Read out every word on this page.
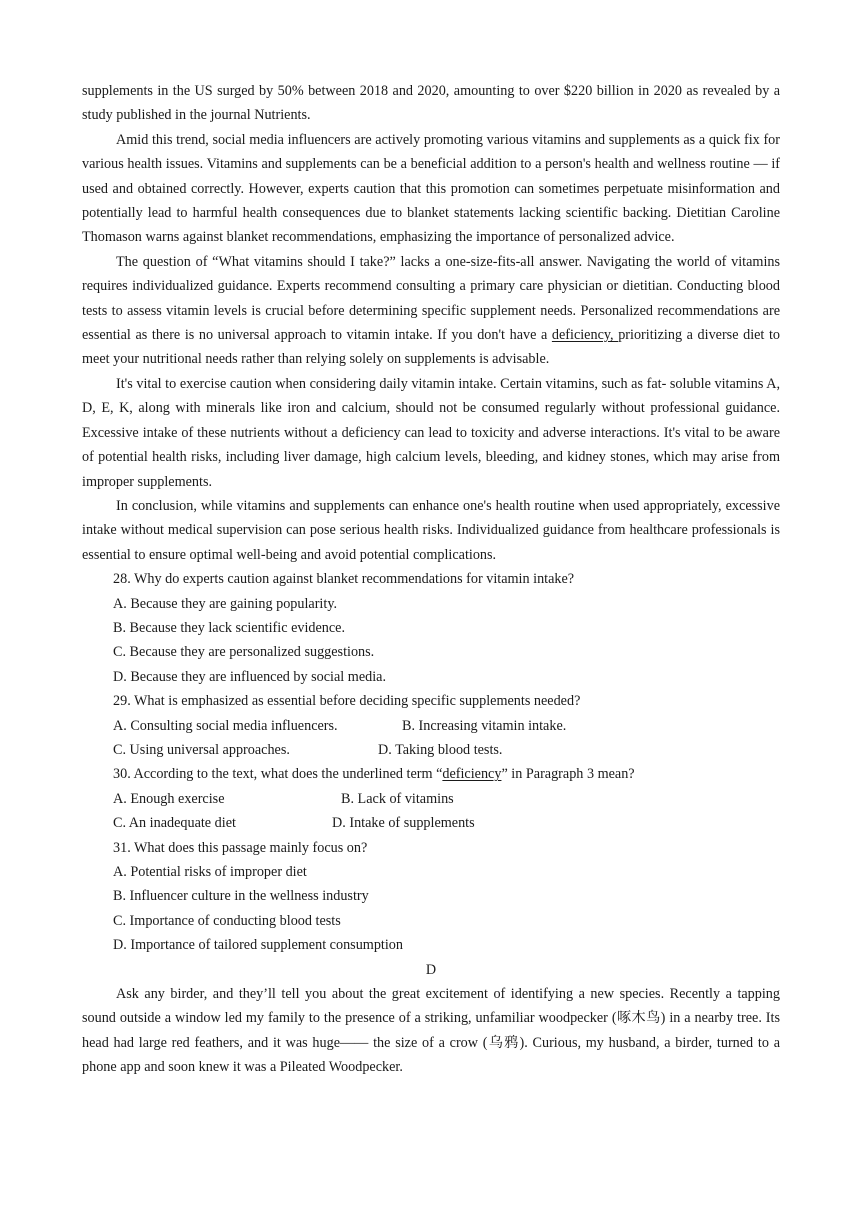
supplements in the US surged by 50% between 2018 and 2020, amounting to over $220 billion in 2020 as revealed by a study published in the journal Nutrients.

Amid this trend, social media influencers are actively promoting various vitamins and supplements as a quick fix for various health issues. Vitamins and supplements can be a beneficial addition to a person's health and wellness routine — if used and obtained correctly. However, experts caution that this promotion can sometimes perpetuate misinformation and potentially lead to harmful health consequences due to blanket statements lacking scientific backing. Dietitian Caroline Thomason warns against blanket recommendations, emphasizing the importance of personalized advice.

The question of “What vitamins should I take?” lacks a one-size-fits-all answer. Navigating the world of vitamins requires individualized guidance. Experts recommend consulting a primary care physician or dietitian. Conducting blood tests to assess vitamin levels is crucial before determining specific supplement needs. Personalized recommendations are essential as there is no universal approach to vitamin intake. If you don't have a deficiency, prioritizing a diverse diet to meet your nutritional needs rather than relying solely on supplements is advisable.

It's vital to exercise caution when considering daily vitamin intake. Certain vitamins, such as fat- soluble vitamins A, D, E, K, along with minerals like iron and calcium, should not be consumed regularly without professional guidance. Excessive intake of these nutrients without a deficiency can lead to toxicity and adverse interactions. It's vital to be aware of potential health risks, including liver damage, high calcium levels, bleeding, and kidney stones, which may arise from improper supplements.

In conclusion, while vitamins and supplements can enhance one's health routine when used appropriately, excessive intake without medical supervision can pose serious health risks. Individualized guidance from healthcare professionals is essential to ensure optimal well-being and avoid potential complications.

28. Why do experts caution against blanket recommendations for vitamin intake?

A. Because they are gaining popularity.

B. Because they lack scientific evidence.

C. Because they are personalized suggestions.

D. Because they are influenced by social media.

29. What is emphasized as essential before deciding specific supplements needed?

A. Consulting social media influencers.	B. Increasing vitamin intake.
C. Using universal approaches.	D. Taking blood tests.

30. According to the text, what does the underlined term “deficiency” in Paragraph 3 mean?

A. Enough exercise	B. Lack of vitamins
C. An inadequate diet	D. Intake of supplements

31. What does this passage mainly focus on?

A. Potential risks of improper diet

B. Influencer culture in the wellness industry

C. Importance of conducting blood tests

D. Importance of tailored supplement consumption

D

Ask any birder, and they’ll tell you about the great excitement of identifying a new species. Recently a tapping sound outside a window led my family to the presence of a striking, unfamiliar woodpecker (啄木鸟) in a nearby tree. Its head had large red feathers, and it was huge—— the size of a crow (乌鸦). Curious, my husband, a birder, turned to a phone app and soon knew it was a Pileated Woodpecker.
